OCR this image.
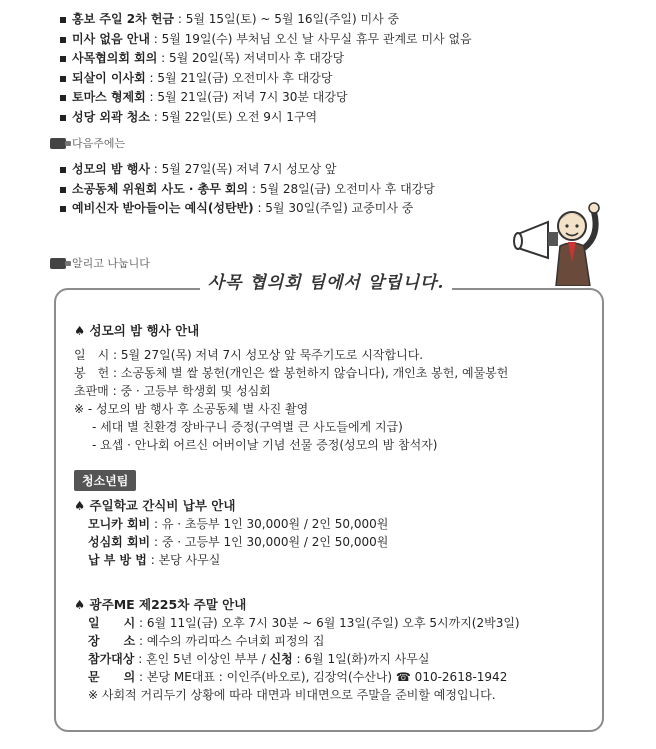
홍보 주일 2차 헌금 : 5월 15일(토) ~ 5월 16일(주일) 미사 중
미사 없음 안내 : 5월 19일(수) 부처님 오신 날 사무실 휴무 관계로 미사 없음
사목협의회 회의 : 5월 20일(목) 저녁미사 후 대강당
되살이 이사회 : 5월 21일(금) 오전미사 후 대강당
토마스 형제회 : 5월 21일(금) 저녁 7시 30분 대강당
성당 외곽 청소 : 5월 22일(토) 오전 9시 1구역
다음주에는
성모의 밤 행사 : 5월 27일(목) 저녁 7시 성모상 앞
소공동체 위원회 사도 · 총무 회의 : 5월 28일(금) 오전미사 후 대강당
예비신자 받아들이는 예식(성탄반) : 5월 30일(주일) 교중미사 중
알리고 나눕니다
사목 협의회 팀에서 알립니다.
♠ 성모의 밤 행사 안내
일　시 : 5월 27일(목) 저녁 7시 성모상 앞 묵주기도로 시작합니다.
봉　헌 : 소공동체 별 쌀 봉헌(개인은 쌀 봉헌하지 않습니다), 개인초 봉헌, 예물봉헌
초판매 : 중 · 고등부 학생회 및 성심회
※ - 성모의 밤 행사 후 소공동체 별 사진 촬영
- 세대 별 친환경 장바구니 증정(구역별 큰 사도들에게 지급)
- 요셉 · 안나회 어르신 어버이날 기념 선물 증정(성모의 밤 참석자)
청소년팀
♠ 주일학교 간식비 납부 안내
모니카 회비 : 유 · 초등부 1인 30,000원 / 2인 50,000원
성심회 회비 : 중 · 고등부 1인 30,000원 / 2인 50,000원
납 부 방 법 : 본당 사무실
♠ 광주ME 제225차 주말 안내
일　　시 : 6월 11일(금) 오후 7시 30분 ~ 6월 13일(주일) 오후 5시까지(2박3일)
장　　소 : 예수의 까리따스 수녀회 피정의 집
참가대상 : 혼인 5년 이상인 부부 / 신청 : 6월 1일(화)까지 사무실
문　　의 : 본당 ME대표 : 이인주(바오로), 김장억(수산나) ☎ 010-2618-1942
※ 사회적 거리두기 상황에 따라 대면과 비대면으로 주말을 준비할 예정입니다.
